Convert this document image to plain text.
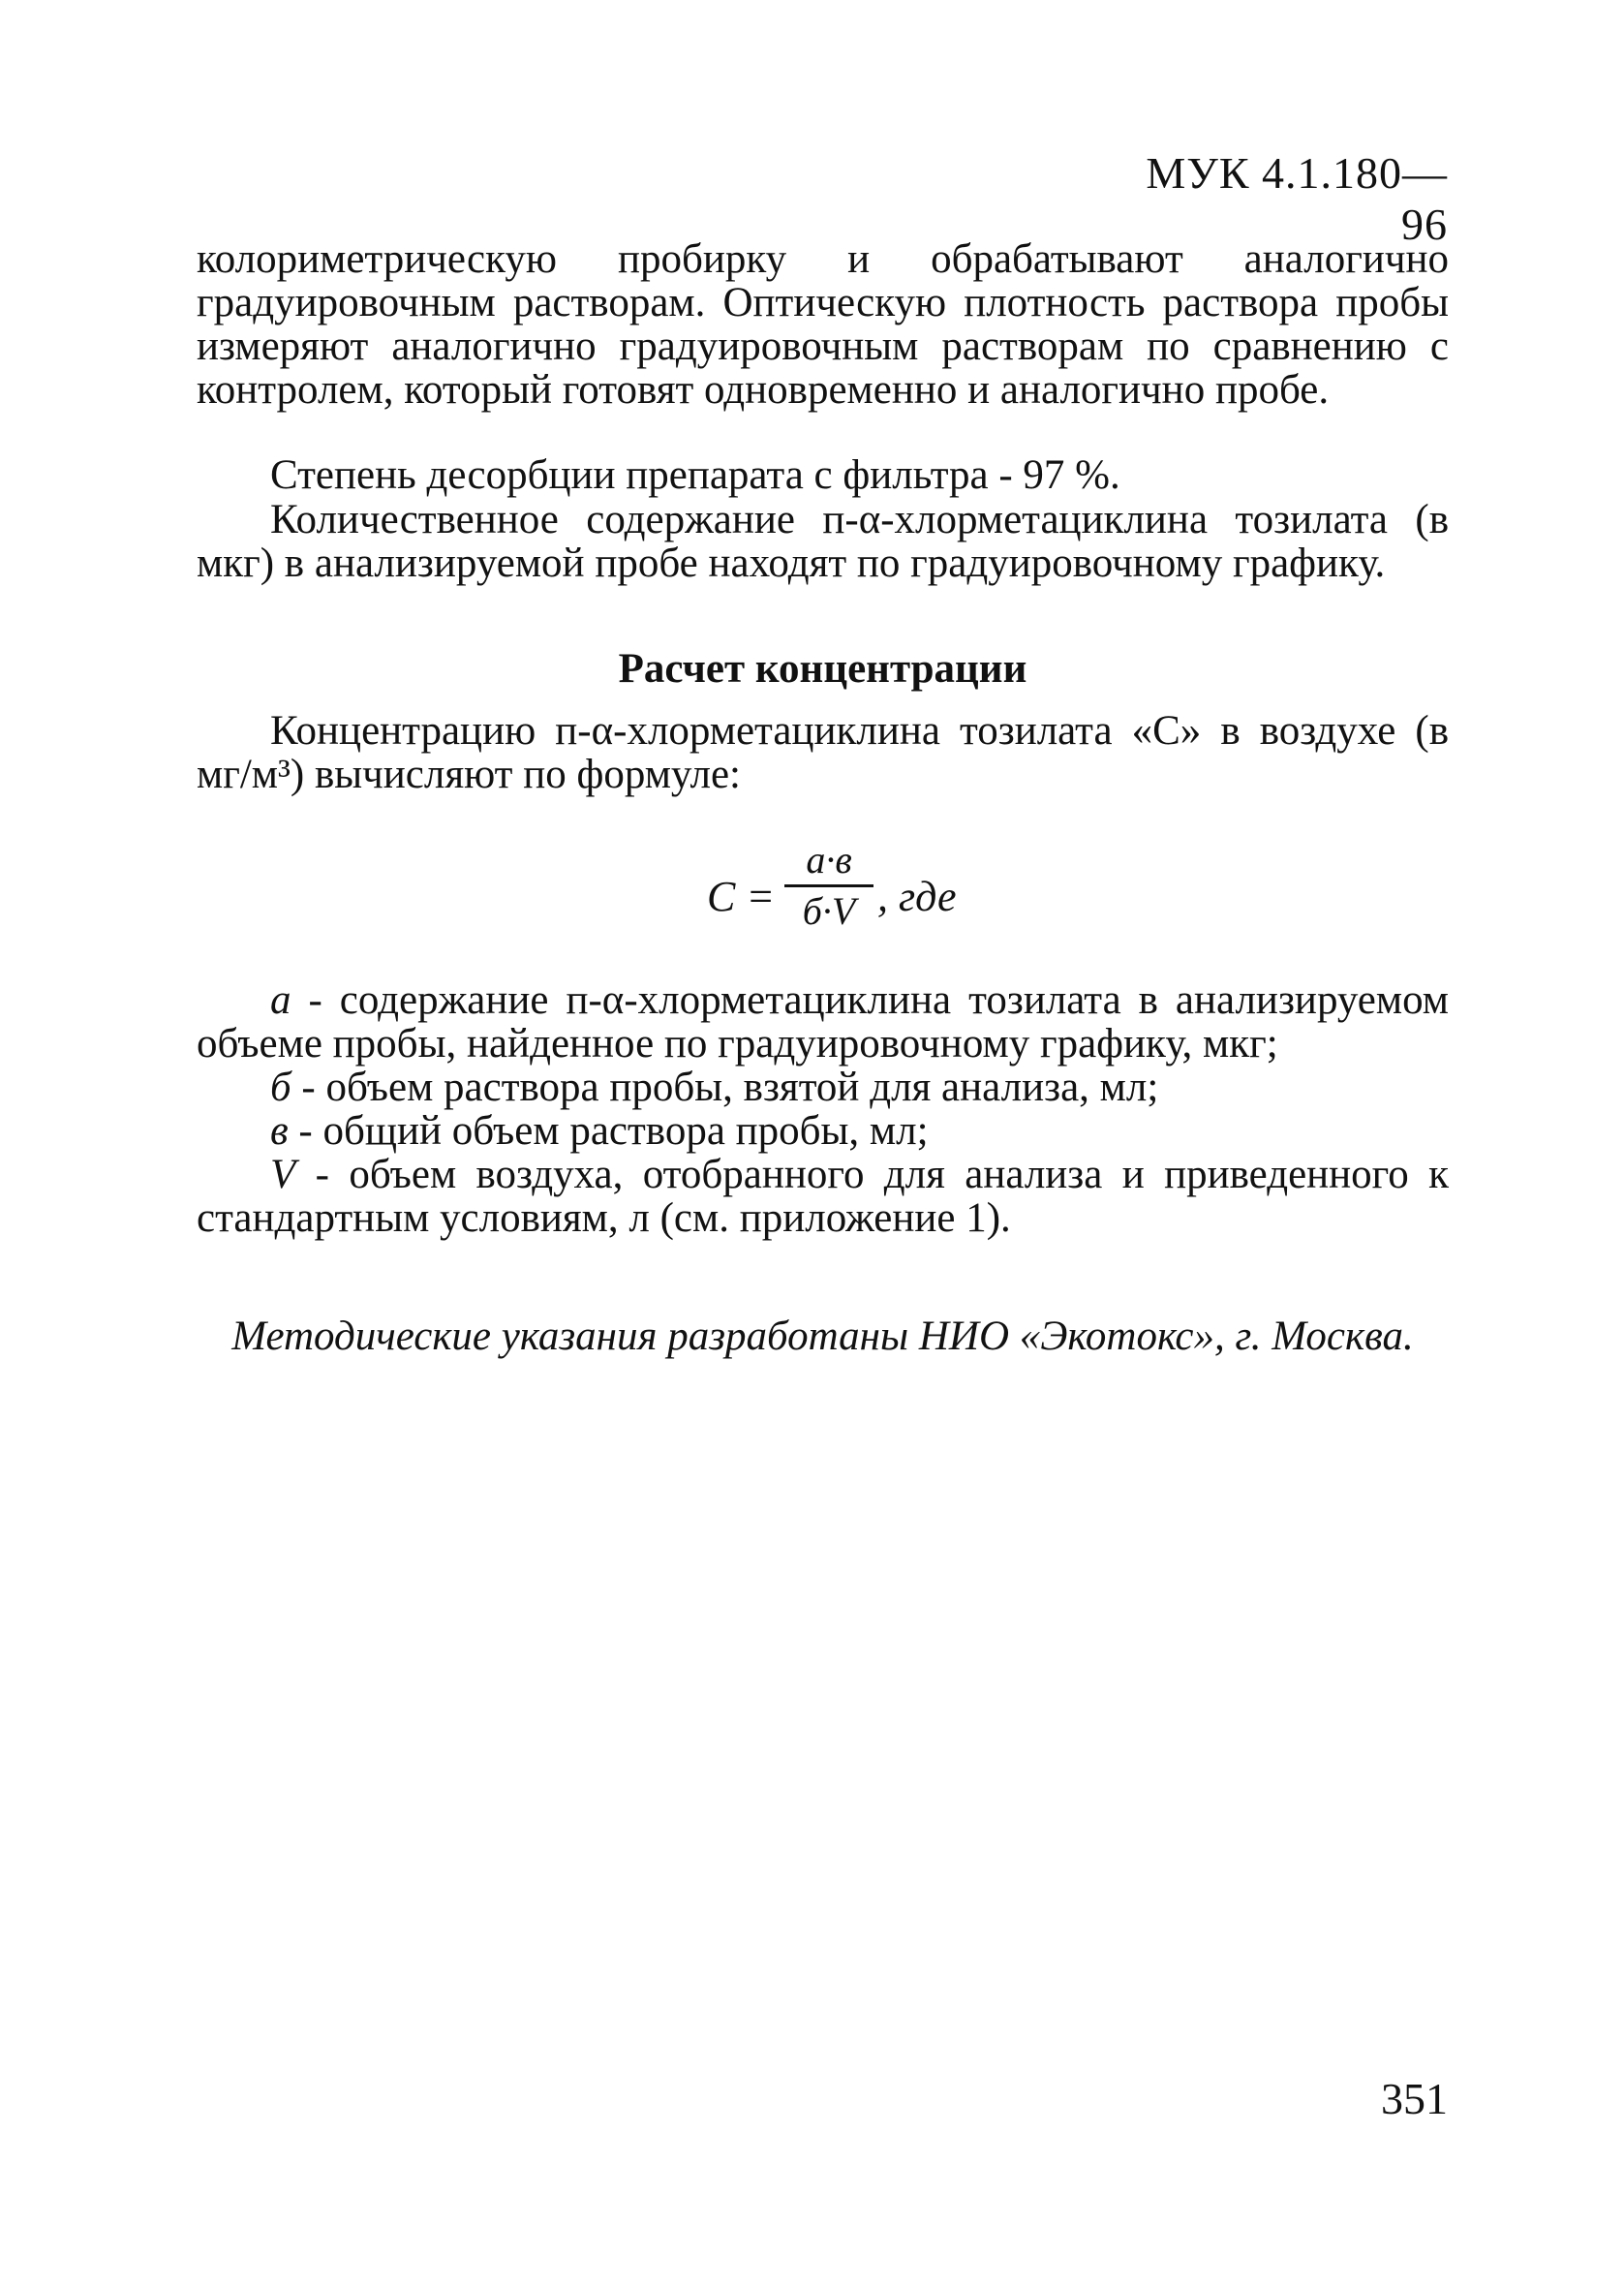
МУК 4.1.180—96

колориметрическую пробирку и обрабатывают аналогично градуировочным растворам. Оптическую плотность раствора пробы измеряют аналогично градуировочным растворам по сравнению с контролем, который готовят одновременно и аналогично пробе.

Степень десорбции препарата с фильтра - 97 %.

Количественное содержание п-α-хлорметациклина тозилата (в мкг) в анализируемой пробе находят по градуировочному графику.

Расчет концентрации

Концентрацию п-α-хлорметациклина тозилата «С» в воздухе (в мг/м³) вычисляют по формуле:

С =
а·в
б·V , где
а - содержание п-α-хлорметациклина тозилата в анализируемом объеме пробы, найденное по градуировочному графику, мкг;
б - объем раствора пробы, взятой для анализа, мл;
в - общий объем раствора пробы, мл;
V - объем воздуха, отобранного для анализа и приведенного к стандартным условиям, л (см. приложение 1).

Методические указания разработаны НИО «Экотокс», г. Москва.

351
